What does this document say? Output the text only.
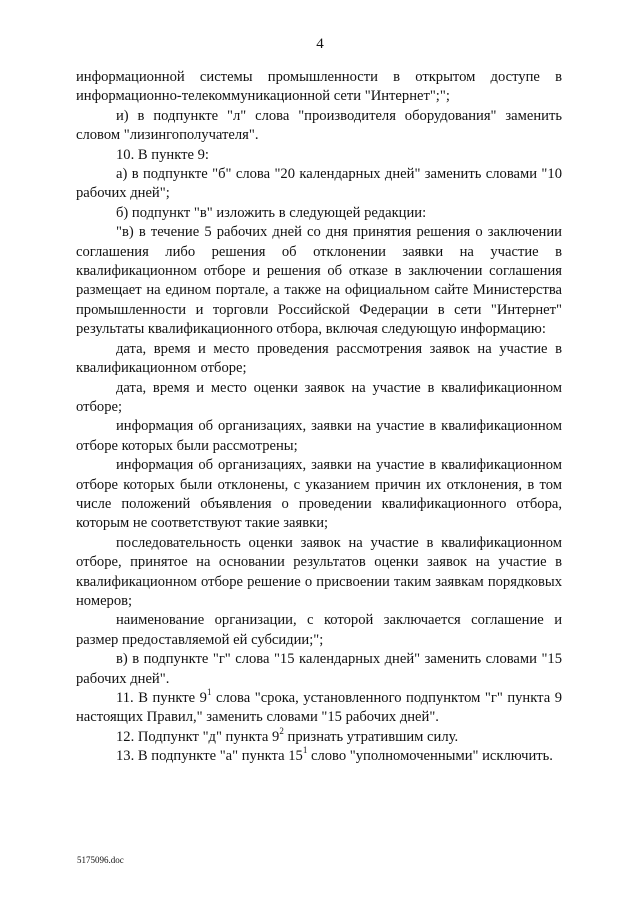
4

информационной системы промышленности в открытом доступе в информационно-телекоммуникационной сети "Интернет";";

и) в подпункте "л" слова "производителя оборудования" заменить словом "лизингополучателя".

10. В пункте 9:

а) в подпункте "б" слова "20 календарных дней" заменить словами "10 рабочих дней";

б) подпункт "в" изложить в следующей редакции:

"в) в течение 5 рабочих дней со дня принятия решения о заключении соглашения либо решения об отклонении заявки на участие в квалификационном отборе и решения об отказе в заключении соглашения размещает на едином портале, а также на официальном сайте Министерства промышленности и торговли Российской Федерации в сети "Интернет" результаты квалификационного отбора, включая следующую информацию:

дата, время и место проведения рассмотрения заявок на участие в квалификационном отборе;

дата, время и место оценки заявок на участие в квалификационном отборе;

информация об организациях, заявки на участие в квалификационном отборе которых были рассмотрены;

информация об организациях, заявки на участие в квалификационном отборе которых были отклонены, с указанием причин их отклонения, в том числе положений объявления о проведении квалификационного отбора, которым не соответствуют такие заявки;

последовательность оценки заявок на участие в квалификационном отборе, принятое на основании результатов оценки заявок на участие в квалификационном отборе решение о присвоении таким заявкам порядковых номеров;

наименование организации, с которой заключается соглашение и размер предоставляемой ей субсидии;";

в) в подпункте "г" слова "15 календарных дней" заменить словами "15 рабочих дней".

11. В пункте $9^1$ слова "срока, установленного подпунктом "г" пункта 9 настоящих Правил," заменить словами "15 рабочих дней".

12. Подпункт "д" пункта $9^2$ признать утратившим силу.

13. В подпункте "а" пункта $15^1$ слово "уполномоченными" исключить.

5175096.doc
